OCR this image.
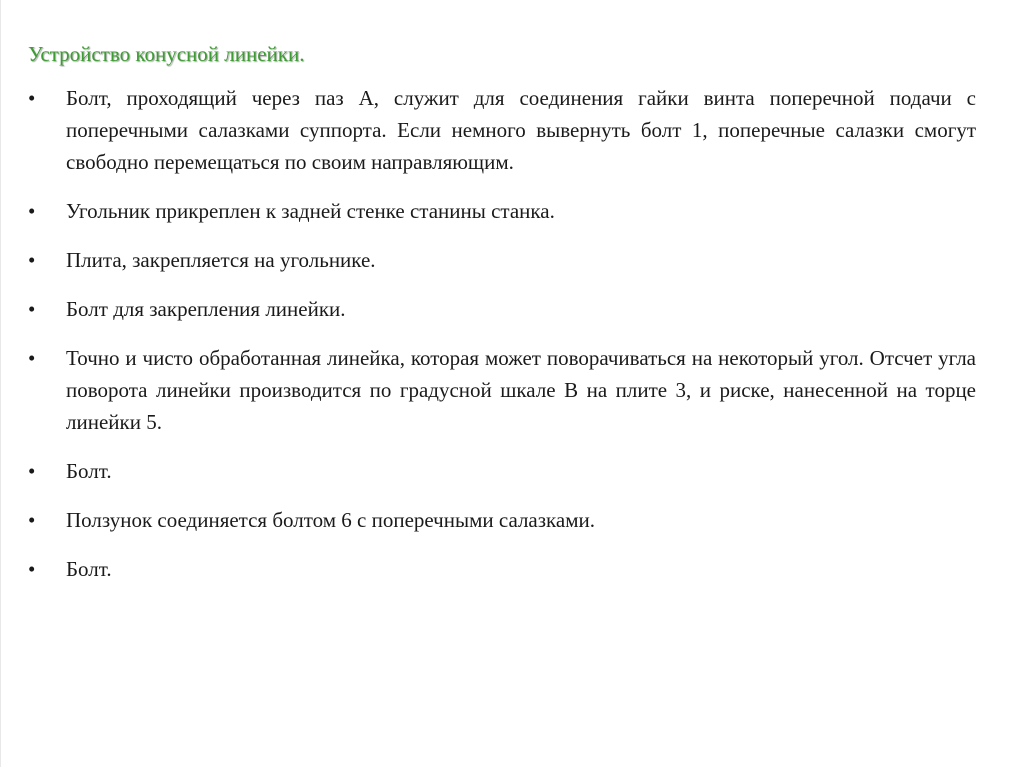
Устройство конусной линейки.
•	Болт, проходящий через паз А, служит для соединения гайки винта поперечной подачи с поперечными салазками суппорта. Если немного вывернуть болт 1, поперечные салазки смогут свободно перемещаться по своим направляющим.
•	Угольник прикреплен к задней стенке станины станка.
•	Плита, закрепляется на угольнике.
•	Болт для закрепления линейки.
•	Точно и чисто обработанная линейка, которая может поворачиваться на некоторый угол. Отсчет угла поворота линейки производится по градусной шкале В на плите 3, и риске, нанесенной на торце линейки 5.
•	Болт.
•	Ползунок соединяется болтом 6 с поперечными салазками.
•	Болт.
